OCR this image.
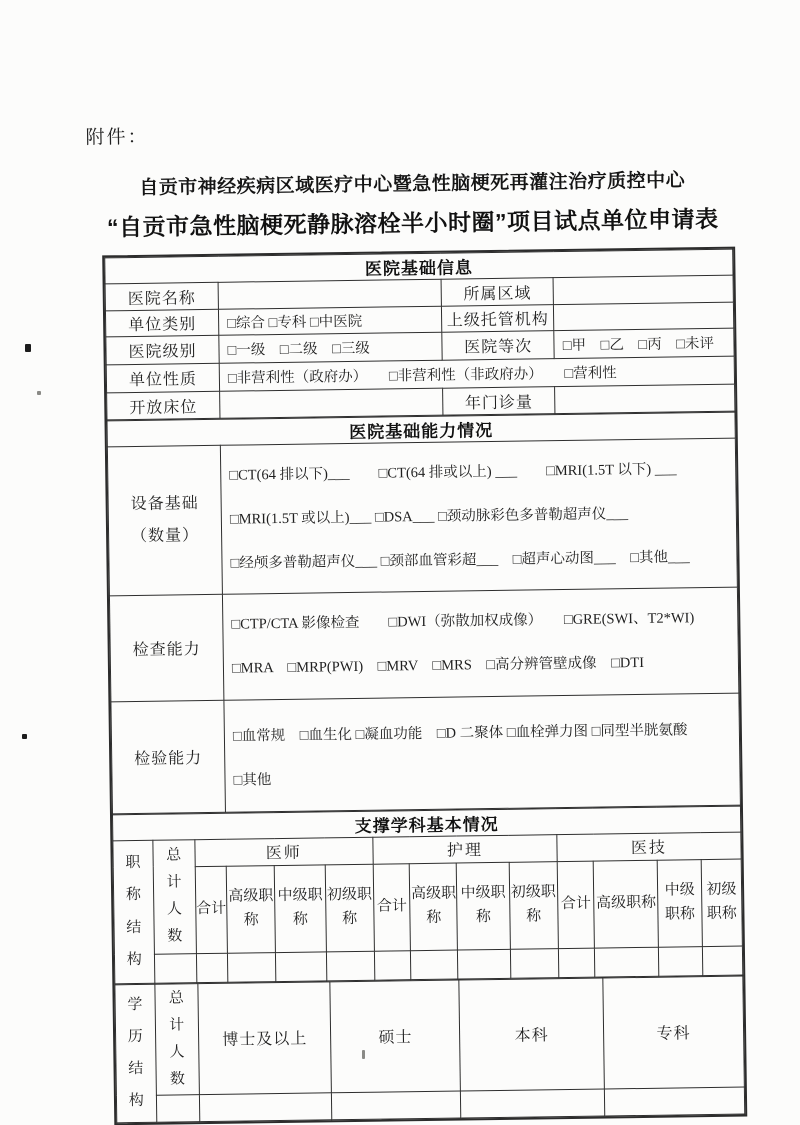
附件：
自贡市神经疾病区域医疗中心暨急性脑梗死再灌注治疗质控中心
“自贡市急性脑梗死静脉溶栓半小时圈”项目试点单位申请表
医院基础信息			
医院名称		所属区域	
单位类别	□综合 □专科 □中医院	上级托管机构	
医院级别	□一级　□二级　□三级	医院等次	□甲　□乙　□丙　□未评
单位性质	□非营利性（政府办）　　□非营利性（非政府办）　　□营利性		
开放床位		年门诊量	
医院基础能力情况	

设备基础
（数量）

□CT(64 排以下)___　　□CT(64 排或以上) ___　　□MRI(1.5T 以下) ___

□MRI(1.5T 或以上)___ □DSA___ □颈动脉彩色多普勒超声仪___

□经颅多普勒超声仪___ □颈部血管彩超___　□超声心动图___　□其他___

检查能力	□CTP/CTA 影像检查　　□DWI（弥散加权成像）　　□GRE(SWI、T2*WI)

□MRA　□MRP(PWI)　□MRV　□MRS　□高分辨管壁成像　□DTI

检验能力	□血常规　□血生化 □凝血功能　□D 二聚体 □血栓弹力图 □同型半胱氨酸

□其他

支撑学科基本情况													

职称结构	总计人数	医师				护理				医技			
		合计	高级职称	中级职称	初级职称	合计	高级职称	中级职称	初级职称	合计	高级职称	中级职称	初级职称

学历结构	总计人数	博士及以上	硕士	本科	专科
